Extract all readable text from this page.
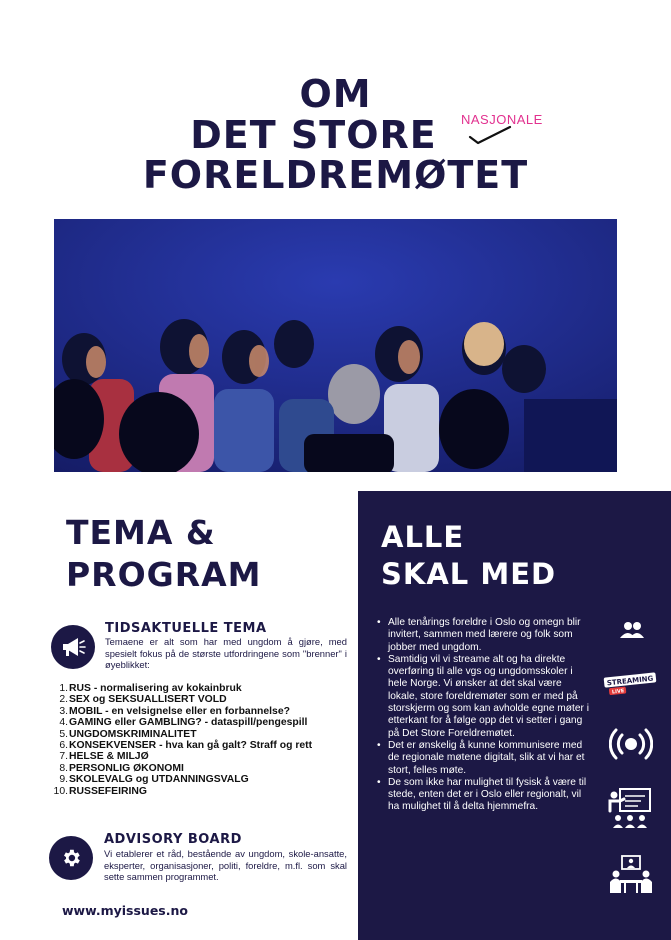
OM
DET STORE
FORELDREMØTET
NASJONALE
TEMA &
PROGRAM
TIDSAKTUELLE TEMA
Temaene er alt som har med ungdom å gjøre, med spesielt fokus på de største utfordringene som "brenner" i øyeblikket:
1. RUS - normalisering av kokainbruk
2. SEX og SEKSUALLISERT VOLD
3. MOBIL - en velsignelse eller en forbannelse?
4. GAMING eller GAMBLING? - dataspill/pengespill
5. UNGDOMSKRIMINALITET
6. KONSEKVENSER - hva kan gå galt? Straff og rett
7. HELSE & MILJØ
8. PERSONLIG ØKONOMI
9. SKOLEVALG og UTDANNINGSVALG
10. RUSSEFEIRING
ADVISORY BOARD
Vi etablerer et råd, bestående av ungdom, skole-ansatte, eksperter, organisasjoner, politi, foreldre, m.fl. som skal sette sammen programmet.
www.myissues.no
ALLE
SKAL MED
• Alle tenårings foreldre i Oslo og omegn blir invitert, sammen med lærere og folk som jobber med ungdom.
• Samtidig vil vi streame alt og ha direkte overføring til alle vgs og ungdomsskoler i hele Norge. Vi ønsker at det skal være lokale, store foreldremøter som er med på storskjerm og som kan avholde egne møter i etterkant for å følge opp det vi setter i gang på Det Store Foreldremøtet.
• Det er ønskelig å kunne kommunisere med de regionale møtene digitalt, slik at vi har et stort, felles møte.
• De som ikke har mulighet til fysisk å være til stede, enten det er i Oslo eller regionalt, vil ha mulighet til å delta hjemmefra.
STREAMING
LIVE
